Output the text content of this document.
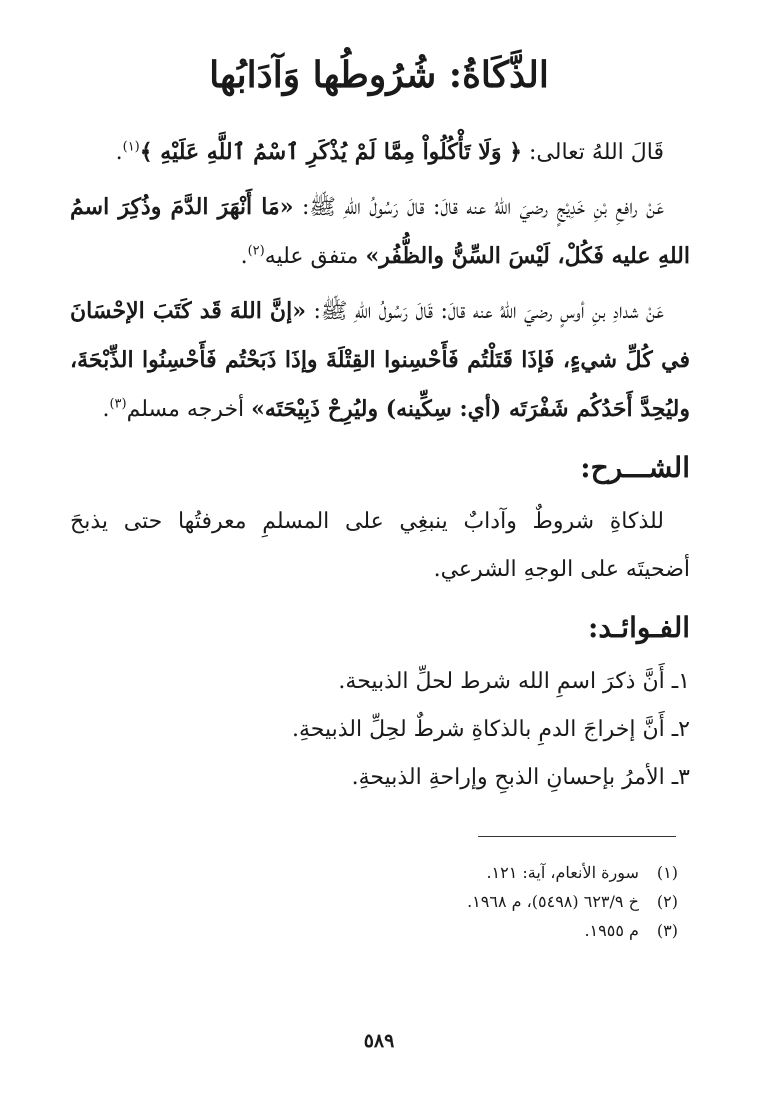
الذَّكَاةُ: شُرُوطُها وَآدَابُها

قَالَ اللهُ تعالى: ﴿ وَلَا تَأْكُلُواْ مِمَّا لَمْ يُذْكَرِ ٱسْمُ ٱللَّهِ عَلَيْهِ ﴾$^{(١)}$.

عَنْ رافعِ بْنِ خَدِيْجٍ رضيَ اللهُ عنه قالَ: قالَ رَسُولُ اللهِ ﷺ: «مَا أَنْهَرَ الدَّمَ وذُكِرَ اسمُ اللهِ عليه فَكُلْ، لَيْسَ السِّنُّ والظُّفُر» متفق عليه$^{(٢)}$.

عَنْ شدادِ بنِ أوسٍ رضيَ اللهُ عنه قالَ: قَالَ رَسُولُ اللهِ ﷺ: «إنَّ اللهَ قَد كَتَبَ الإحْسَانَ في كُلِّ شيءٍ، فَإذَا قَتَلْتُم فَأَحْسِنوا القِتْلَةَ وإذَا ذَبَحْتُم فَأَحْسِنُوا الذِّبْحَةَ، وليُحِدَّ أَحَدُكُم شَفْرَتَه (أي: سِكِّينه) وليُرِحْ ذَبِيْحَتَه» أخرجه مسلم$^{(٣)}$.

الشـــرح:

للذكاةِ شروطٌ وآدابٌ ينبغِي على المسلمِ معرفتُها حتى يذبحَ أضحيتَه على الوجهِ الشرعي.

الفـوائـد:
١ـ أَنَّ ذكرَ اسمِ الله شرط لحلِّ الذبيحة.
٢ـ أَنَّ إخراجَ الدمِ بالذكاةِ شرطٌ لحِلِّ الذبيحةِ.
٣ـ الأمرُ بإحسانِ الذبحِ وإراحةِ الذبيحةِ.
(١) سورة الأنعام، آية: ١٢١.
(٢) خ ٦٢٣/٩ (٥٤٩٨)، م ١٩٦٨.
(٣) م ١٩٥٥.
٥٨٩
